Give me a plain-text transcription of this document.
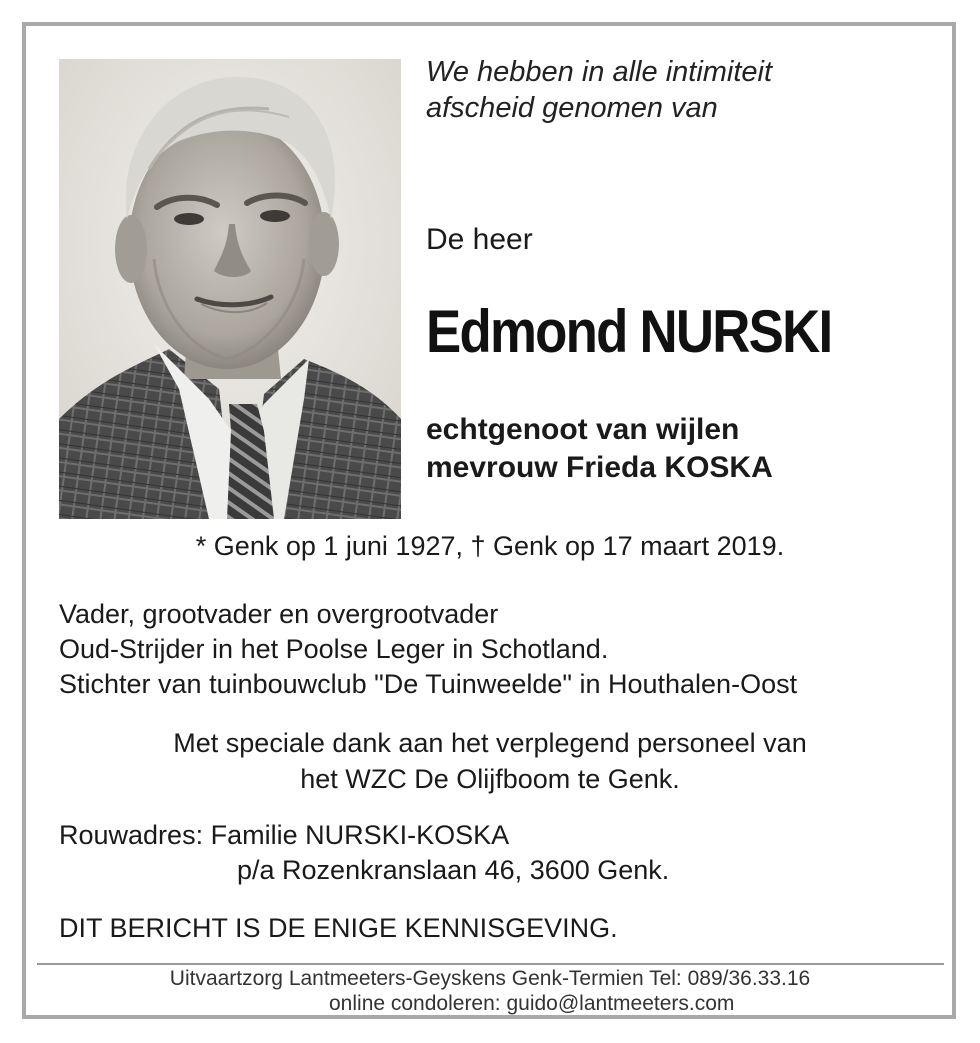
We hebben in alle intimiteit
afscheid genomen van

De heer

Edmond NURSKI

echtgenoot van wijlen
mevrouw Frieda KOSKA

* Genk op 1 juni 1927, † Genk op 17 maart 2019.

Vader, grootvader en overgrootvader
Oud-Strijder in het Poolse Leger in Schotland.
Stichter van tuinbouwclub "De Tuinweelde" in Houthalen-Oost

Met speciale dank aan het verplegend personeel van
het WZC De Olijfboom te Genk.

Rouwadres: Familie NURSKI-KOSKA

p/a Rozenkranslaan 46, 3600 Genk.

DIT BERICHT IS DE ENIGE KENNISGEVING.

Uitvaartzorg Lantmeeters-Geyskens Genk-Termien Tel: 089/36.33.16

online condoleren: guido@lantmeeters.com
